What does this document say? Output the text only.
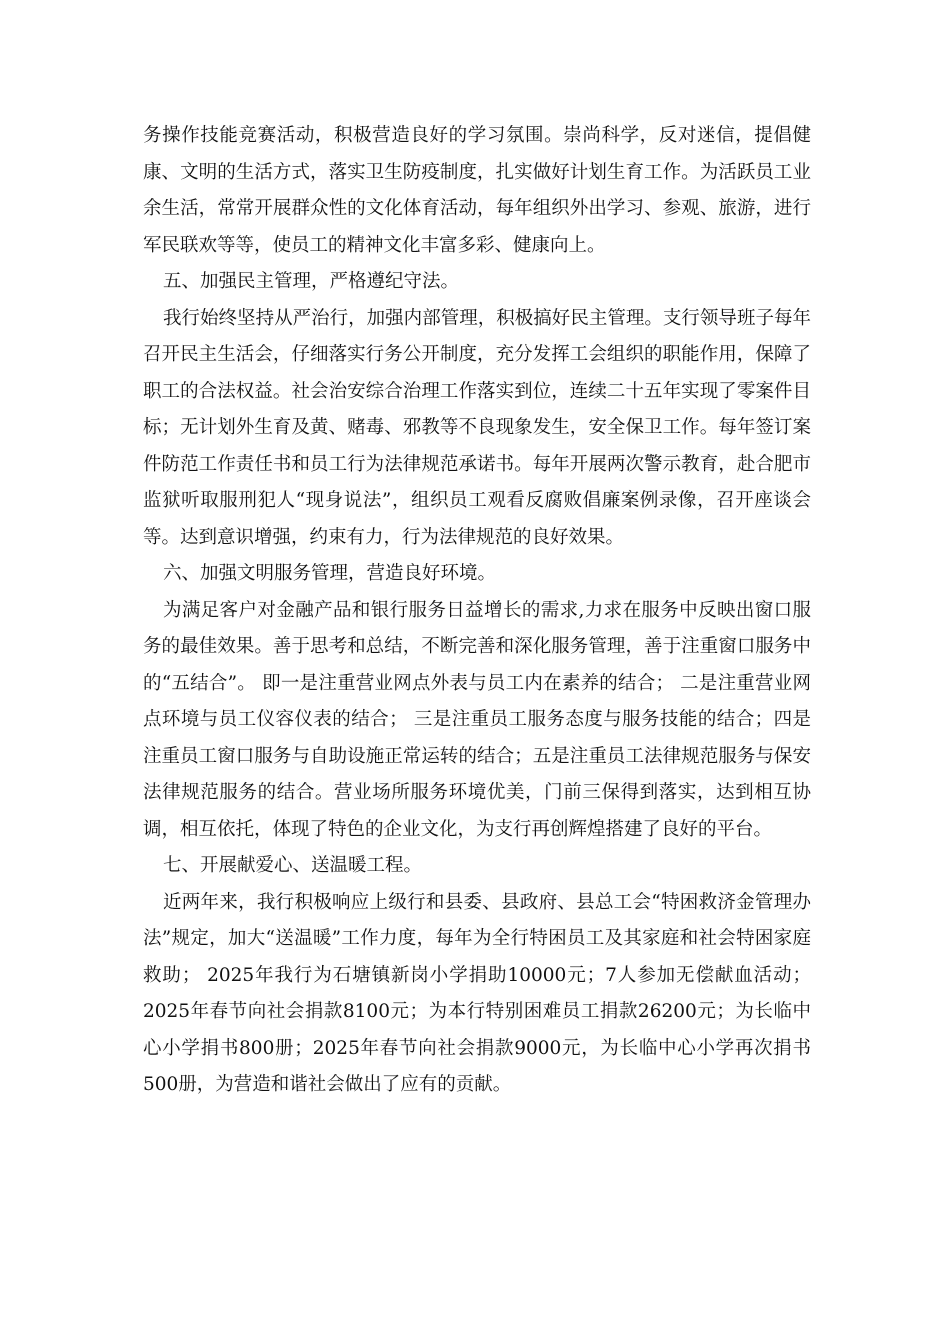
务操作技能竞赛活动，积极营造良好的学习氛围。崇尚科学，反对迷信，提倡健康、文明的生活方式，落实卫生防疫制度，扎实做好计划生育工作。为活跃员工业余生活，常常开展群众性的文化体育活动，每年组织外出学习、参观、旅游，进行军民联欢等等，使员工的精神文化丰富多彩、健康向上。

五、加强民主管理，严格遵纪守法。

我行始终坚持从严治行，加强内部管理，积极搞好民主管理。支行领导班子每年召开民主生活会，仔细落实行务公开制度，充分发挥工会组织的职能作用，保障了职工的合法权益。社会治安综合治理工作落实到位，连续二十五年实现了零案件目标；无计划外生育及黄、赌毒、邪教等不良现象发生，安全保卫工作。每年签订案件防范工作责任书和员工行为法律规范承诺书。每年开展两次警示教育，赴合肥市监狱听取服刑犯人“现身说法”，组织员工观看反腐败倡廉案例录像，召开座谈会等。达到意识增强，约束有力，行为法律规范的良好效果。

六、加强文明服务管理，营造良好环境。

为满足客户对金融产品和银行服务日益增长的需求,力求在服务中反映出窗口服务的最佳效果。善于思考和总结，不断完善和深化服务管理，善于注重窗口服务中的“五结合”。 即一是注重营业网点外表与员工内在素养的结合； 二是注重营业网点环境与员工仪容仪表的结合； 三是注重员工服务态度与服务技能的结合；四是注重员工窗口服务与自助设施正常运转的结合；五是注重员工法律规范服务与保安法律规范服务的结合。营业场所服务环境优美，门前三保得到落实，达到相互协调，相互依托，体现了特色的企业文化，为支行再创辉煌搭建了良好的平台。

七、开展献爱心、送温暖工程。

近两年来，我行积极响应上级行和县委、县政府、县总工会“特困救济金管理办法”规定，加大“送温暖”工作力度，每年为全行特困员工及其家庭和社会特困家庭救助； 2025年我行为石塘镇新岗小学捐助10000元；7人参加无偿献血活动；2025年春节向社会捐款8100元；为本行特别困难员工捐款26200元；为长临中心小学捐书800册；2025年春节向社会捐款9000元，为长临中心小学再次捐书500册，为营造和谐社会做出了应有的贡献。
